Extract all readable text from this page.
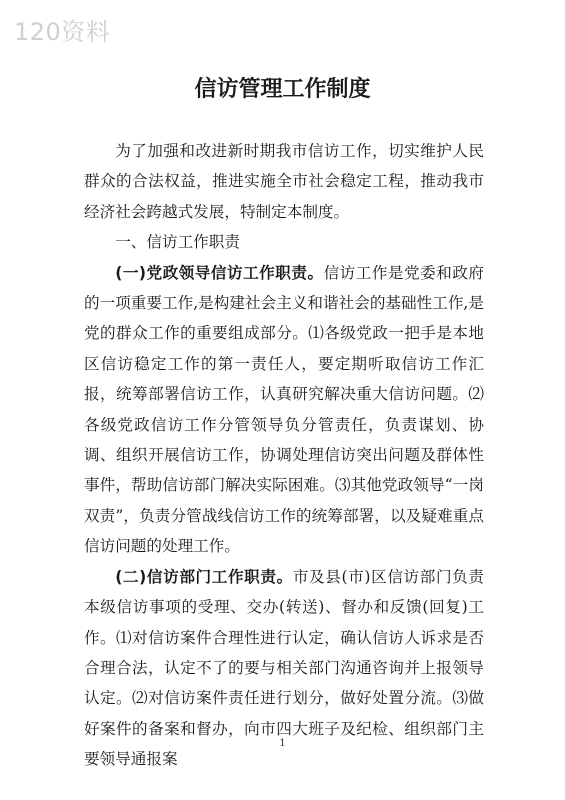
120资料
信访管理工作制度

为了加强和改进新时期我市信访工作，切实维护人民群众的合法权益，推进实施全市社会稳定工程，推动我市经济社会跨越式发展，特制定本制度。

一、信访工作职责

(一)党政领导信访工作职责。信访工作是党委和政府的一项重要工作,是构建社会主义和谐社会的基础性工作,是党的群众工作的重要组成部分。⑴各级党政一把手是本地区信访稳定工作的第一责任人，要定期听取信访工作汇报，统筹部署信访工作，认真研究解决重大信访问题。⑵各级党政信访工作分管领导负分管责任，负责谋划、协调、组织开展信访工作，协调处理信访突出问题及群体性事件，帮助信访部门解决实际困难。⑶其他党政领导“一岗双责”，负责分管战线信访工作的统筹部署，以及疑难重点信访问题的处理工作。

(二)信访部门工作职责。市及县(市)区信访部门负责本级信访事项的受理、交办(转送)、督办和反馈(回复)工作。⑴对信访案件合理性进行认定，确认信访人诉求是否合理合法，认定不了的要与相关部门沟通咨询并上报领导认定。⑵对信访案件责任进行划分，做好处置分流。⑶做好案件的备案和督办，向市四大班子及纪检、组织部门主要领导通报案

1
